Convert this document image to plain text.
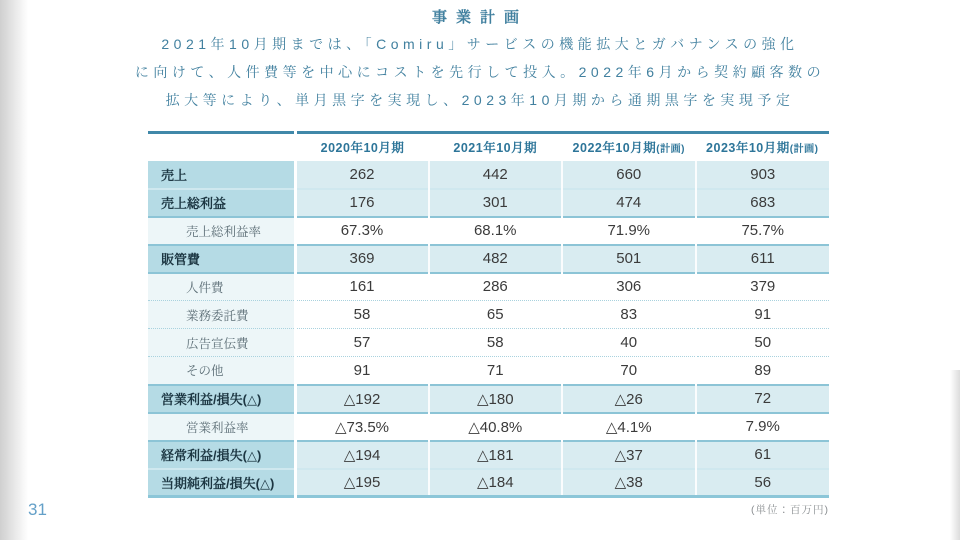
事業計画
2021年10月期までは、「Comiru」サービスの機能拡大とガバナンスの強化
に向けて、人件費等を中心にコストを先行して投入。2022年6月から契約顧客数の
拡大等により、単月黒字を実現し、2023年10月期から通期黒字を実現予定
	2020年10月期	2021年10月期	2022年10月期(計画)	2023年10月期(計画)
売上	262	442	660	903
売上総利益	176	301	474	683
売上総利益率	67.3%	68.1%	71.9%	75.7%
販管費	369	482	501	611
人件費	161	286	306	379
業務委託費	58	65	83	91
広告宣伝費	57	58	40	50
その他	91	71	70	89
営業利益/損失(△)	△192	△180	△26	72
営業利益率	△73.5%	△40.8%	△4.1%	7.9%
経常利益/損失(△)	△194	△181	△37	61
当期純利益/損失(△)	△195	△184	△38	56
31	(単位：百万円)
